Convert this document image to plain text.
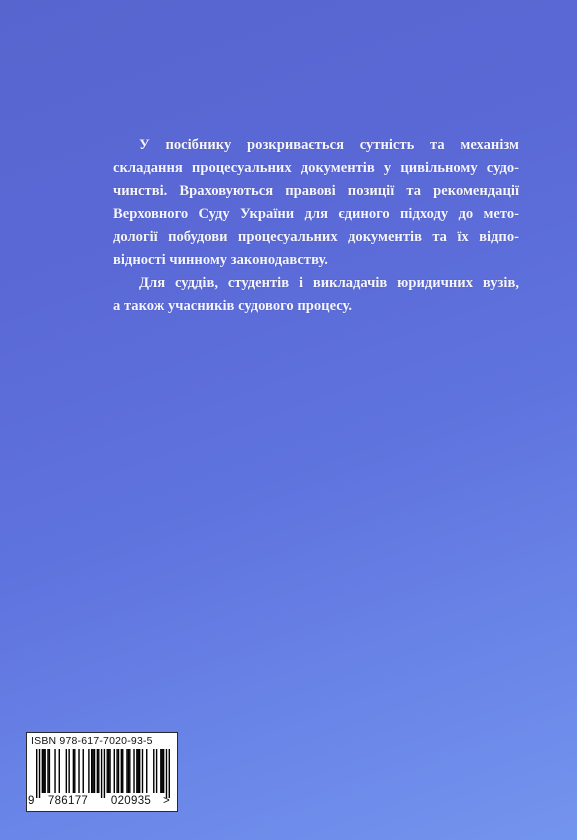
У посібнику розкривається сутність та механізм
складання процесуальних документів у цивільному судо-
чинстві. Враховуються правові позиції та рекомендації
Верховного Суду України для єдиного підходу до мето-
дології побудови процесуальних документів та їх відпо-
відності чинному законодавству.

Для суддів, студентів і викладачів юридичних вузів,
а також учасників судового процесу.

ISBN 978-617-7020-93-5
9 786177 020935 >
